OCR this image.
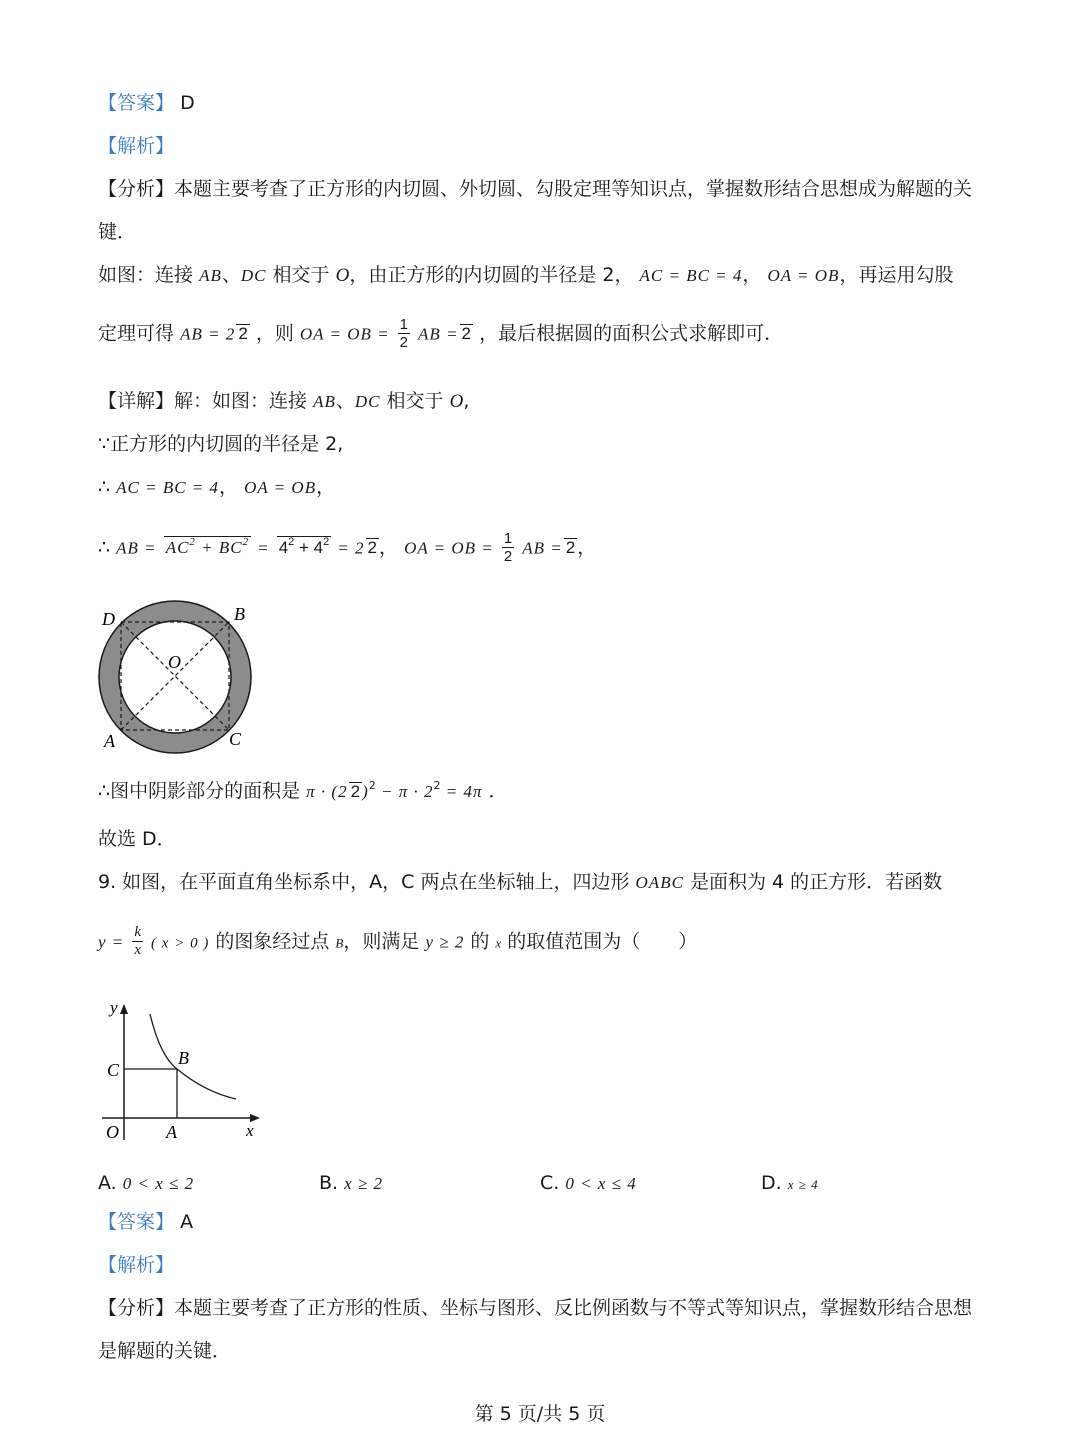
【答案】 D
【解析】
【分析】本题主要考查了正方形的内切圆、外切圆、勾股定理等知识点，掌握数形结合思想成为解题的关
键．
如图：连接 AB、DC 相交于 O，由正方形的内切圆的半径是 2， AC = BC = 4， OA = OB，再运用勾股
定理可得 AB = 2 2 ，则 OA = OB = $\frac{1}{2}$ AB = 2 ，最后根据圆的面积公式求解即可．
【详解】解：如图：连接 AB、DC 相交于 O,
∵正方形的内切圆的半径是 2,
∴ AC = BC = 4， OA = OB，
∴ AB = $AC^2 + BC^2 = 4^2 + 4^2 = 2$ 2 ， OA = OB = $\frac{1}{2}$ AB = 2 ，
D	B
O
A	C
∴图中阴影部分的面积是 π · (2 2 )$^2 - \pi \cdot 2^2 = 4\pi$ ．
故选 D．
9. 如图，在平面直角坐标系中，A，C 两点在坐标轴上，四边形 OABC 是面积为 4 的正方形．若函数
$y = \frac{k}{x}$ ( x > 0 ) 的图象经过点 B，则满足 y ≥ 2 的 x 的取值范围为（　　）
y
x
O	A
B
C
A. 0 < x ≤ 2	B. x ≥ 2	C. 0 < x ≤ 4	D. x ≥ 4
【答案】 A
【解析】
【分析】本题主要考查了正方形的性质、坐标与图形、反比例函数与不等式等知识点，掌握数形结合思想
是解题的关键．
第 5 页/共 5 页
